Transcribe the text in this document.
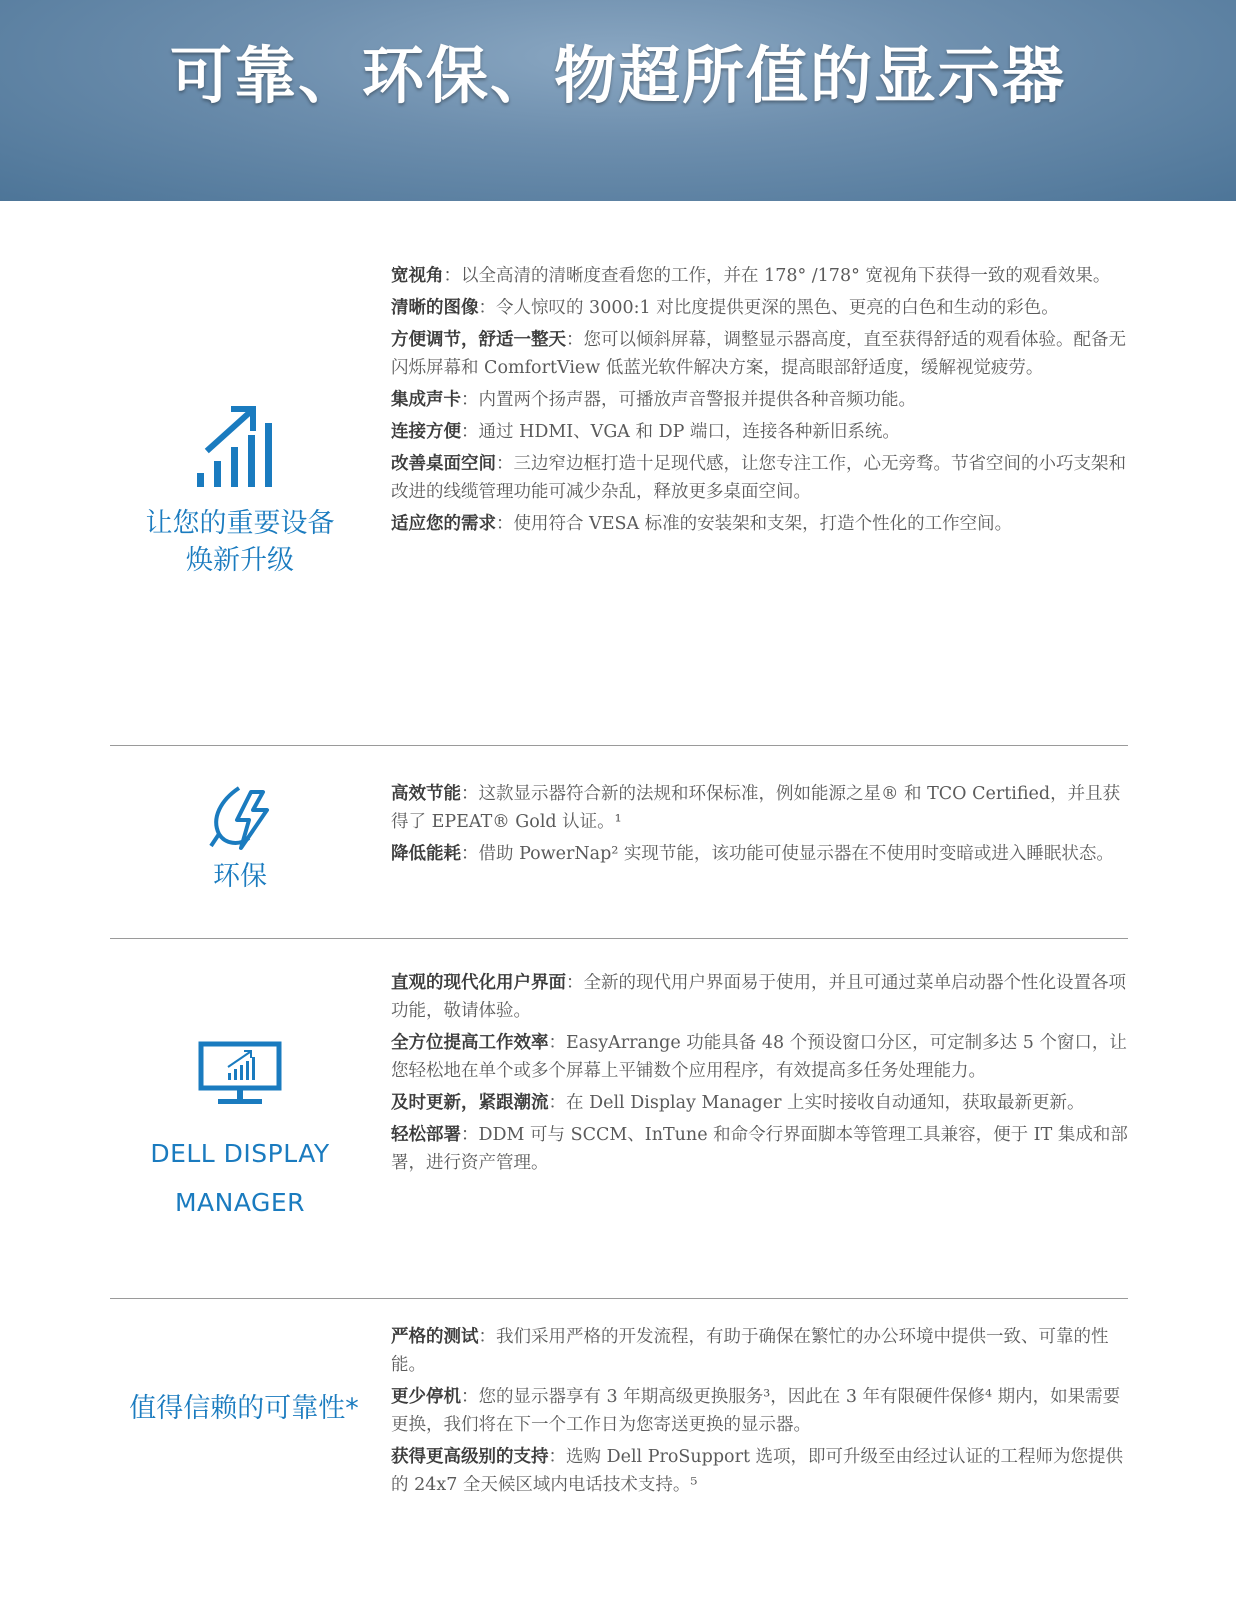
可靠、环保、物超所值的显示器
让您的重要设备
焕新升级

宽视角：以全高清的清晰度查看您的工作，并在 178° /178° 宽视角下获得一致的观看效果。

清晰的图像：令人惊叹的 3000:1 对比度提供更深的黑色、更亮的白色和生动的彩色。

方便调节，舒适一整天：您可以倾斜屏幕，调整显示器高度，直至获得舒适的观看体验。配备无闪烁屏幕和 ComfortView 低蓝光软件解决方案，提高眼部舒适度，缓解视觉疲劳。

集成声卡：内置两个扬声器，可播放声音警报并提供各种音频功能。

连接方便：通过 HDMI、VGA 和 DP 端口，连接各种新旧系统。

改善桌面空间：三边窄边框打造十足现代感，让您专注工作，心无旁骛。节省空间的小巧支架和改进的线缆管理功能可减少杂乱，释放更多桌面空间。

适应您的需求：使用符合 VESA 标准的安装架和支架，打造个性化的工作空间。

环保

高效节能：这款显示器符合新的法规和环保标准，例如能源之星® 和 TCO Certified，并且获得了 EPEAT® Gold 认证。¹

降低能耗：借助 PowerNap² 实现节能，该功能可使显示器在不使用时变暗或进入睡眠状态。

DELL DISPLAY
MANAGER

直观的现代化用户界面：全新的现代用户界面易于使用，并且可通过菜单启动器个性化设置各项功能，敬请体验。

全方位提高工作效率：EasyArrange 功能具备 48 个预设窗口分区，可定制多达 5 个窗口，让您轻松地在单个或多个屏幕上平铺数个应用程序，有效提高多任务处理能力。

及时更新，紧跟潮流：在 Dell Display Manager 上实时接收自动通知，获取最新更新。

轻松部署：DDM 可与 SCCM、InTune 和命令行界面脚本等管理工具兼容，便于 IT 集成和部署，进行资产管理。

值得信赖的可靠性*

严格的测试：我们采用严格的开发流程，有助于确保在繁忙的办公环境中提供一致、可靠的性能。

更少停机：您的显示器享有 3 年期高级更换服务³，因此在 3 年有限硬件保修⁴ 期内，如果需要更换，我们将在下一个工作日为您寄送更换的显示器。

获得更高级别的支持：选购 Dell ProSupport 选项，即可升级至由经过认证的工程师为您提供的 24x7 全天候区域内电话技术支持。⁵
